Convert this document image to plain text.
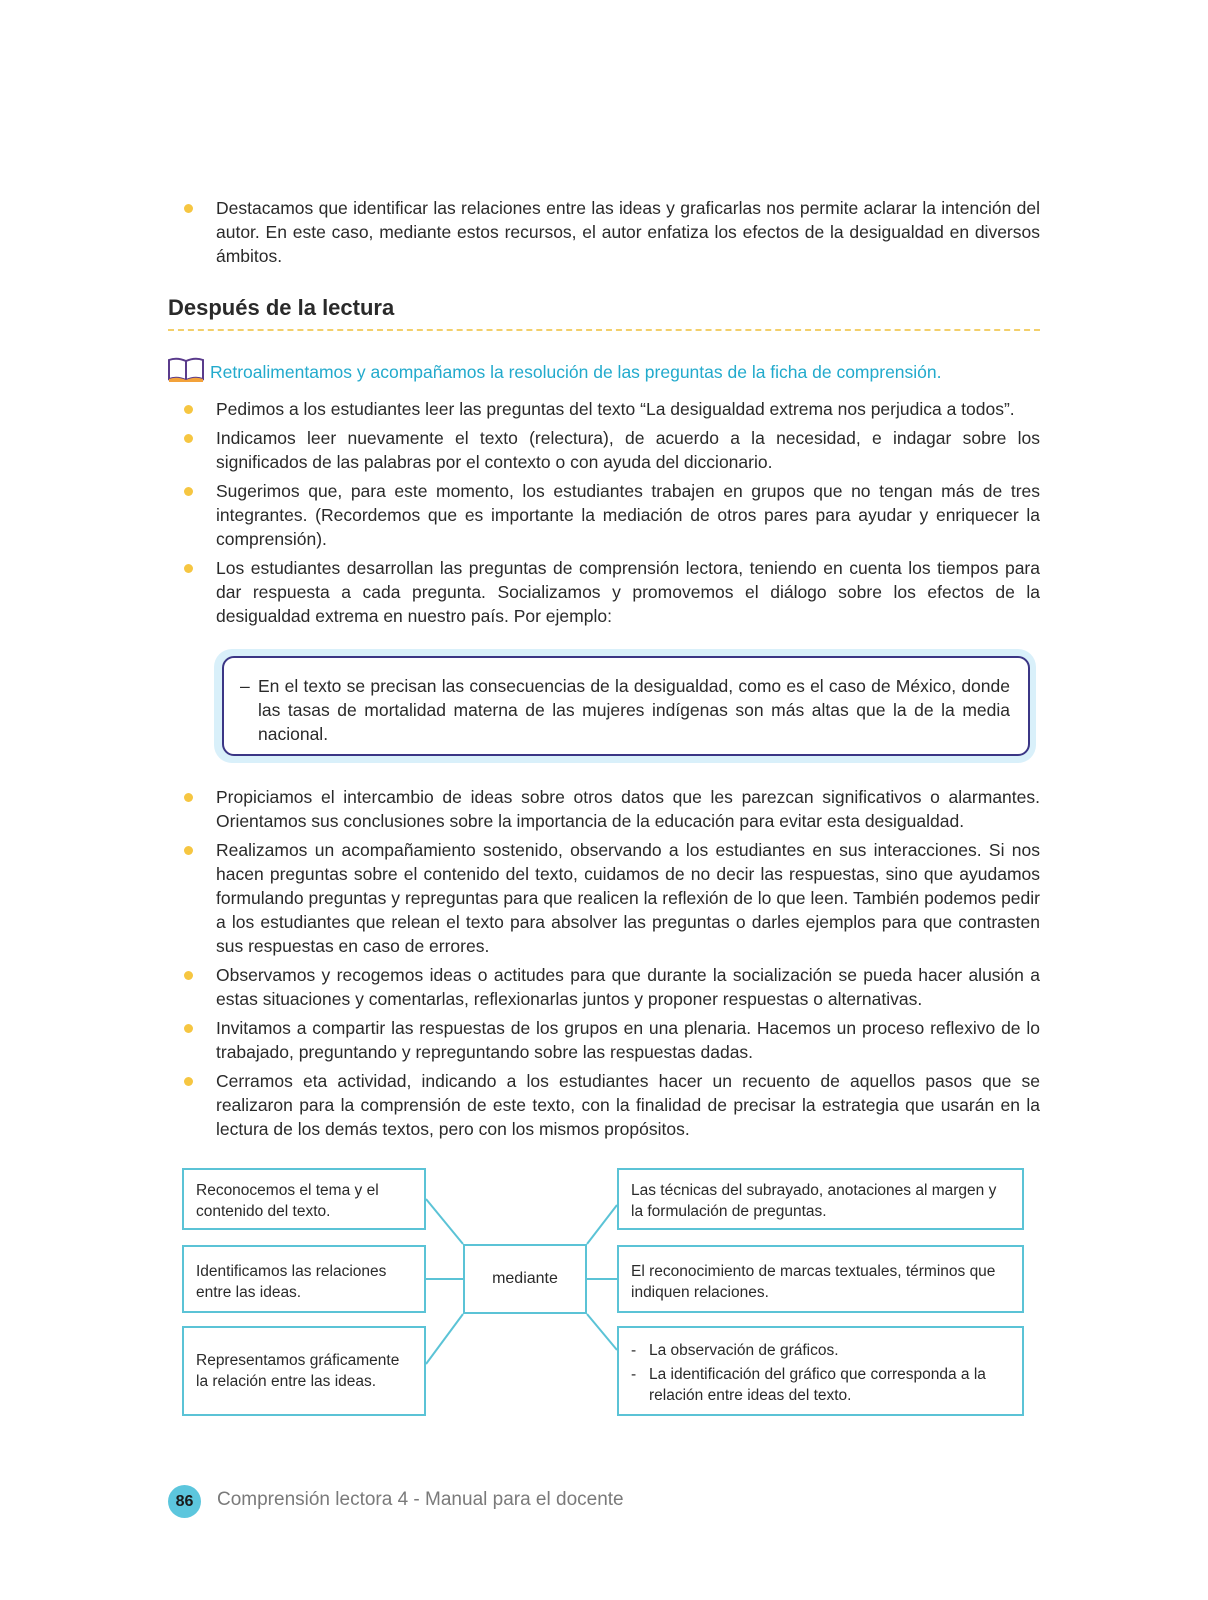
Destacamos que identificar las relaciones entre las ideas y graficarlas nos permite aclarar la intención del autor. En este caso, mediante estos recursos, el autor enfatiza los efectos de la desigualdad en diversos ámbitos.
Después de la lectura

Retroalimentamos y acompañamos la resolución de las preguntas de la ficha de comprensión.

Pedimos a los estudiantes leer las preguntas del texto “La desigualdad extrema nos perjudica a todos”.
Indicamos leer nuevamente el texto (relectura), de acuerdo a la necesidad, e indagar sobre los significados de las palabras por el contexto o con ayuda del diccionario.
Sugerimos que, para este momento, los estudiantes trabajen en grupos que no tengan más de tres integrantes. (Recordemos que es importante la mediación de otros pares para ayudar y enriquecer la comprensión).
Los estudiantes desarrollan las preguntas de comprensión lectora, teniendo en cuenta los tiempos para dar respuesta a cada pregunta. Socializamos y promovemos el diálogo sobre los efectos de la desigualdad extrema en nuestro país. Por ejemplo:
– En el texto se precisan las consecuencias de la desigualdad, como es el caso de México, donde las tasas de mortalidad materna de las mujeres indígenas son más altas que la de la media nacional.

Propiciamos el intercambio de ideas sobre otros datos que les parezcan significativos o alarmantes. Orientamos sus conclusiones sobre la importancia de la educación para evitar esta desigualdad.
Realizamos un acompañamiento sostenido, observando a los estudiantes en sus interacciones. Si nos hacen preguntas sobre el contenido del texto, cuidamos de no decir las respuestas, sino que ayudamos formulando preguntas y repreguntas para que realicen la reflexión de lo que leen. También podemos pedir a los estudiantes que relean el texto para absolver las preguntas o darles ejemplos para que contrasten sus respuestas en caso de errores.
Observamos y recogemos ideas o actitudes para que durante la socialización se pueda hacer alusión a estas situaciones y comentarlas, reflexionarlas juntos y proponer respuestas o alternativas.
Invitamos a compartir las respuestas de los grupos en una plenaria. Hacemos un proceso reflexivo de lo trabajado, preguntando y repreguntando sobre las respuestas dadas.
Cerramos eta actividad, indicando a los estudiantes hacer un recuento de aquellos pasos que se realizaron para la comprensión de este texto, con la finalidad de precisar la estrategia que usarán en la lectura de los demás textos, pero con los mismos propósitos.
Reconocemos el tema y el contenido del texto.
Identificamos las relaciones entre las ideas.
Representamos gráficamente la relación entre las ideas.
mediante
Las técnicas del subrayado, anotaciones al margen y la formulación de preguntas.
El reconocimiento de marcas textuales, términos que indiquen relaciones.
- La observación de gráficos.
- La identificación del gráfico que corresponda a la relación entre ideas del texto.
86	Comprensión lectora 4 - Manual para el docente
